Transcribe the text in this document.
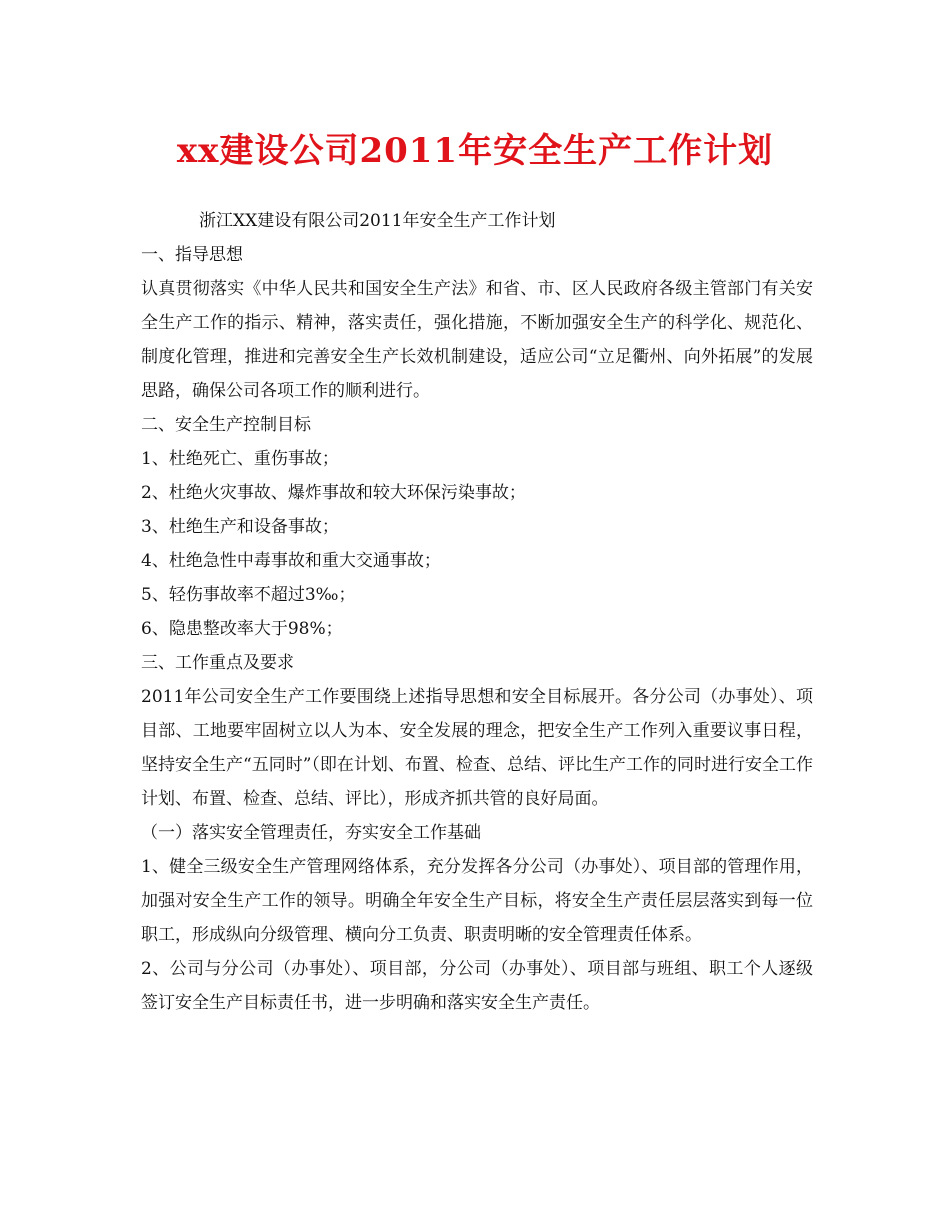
xx建设公司2011年安全生产工作计划

浙江XX建设有限公司2011年安全生产工作计划

一、指导思想

认真贯彻落实《中华人民共和国安全生产法》和省、市、区人民政府各级主管部门有关安全生产工作的指示、精神，落实责任，强化措施，不断加强安全生产的科学化、规范化、制度化管理，推进和完善安全生产长效机制建设，适应公司“立足衢州、向外拓展”的发展思路，确保公司各项工作的顺利进行。

二、安全生产控制目标

1、杜绝死亡、重伤事故；

2、杜绝火灾事故、爆炸事故和较大环保污染事故；

3、杜绝生产和设备事故；

4、杜绝急性中毒事故和重大交通事故；

5、轻伤事故率不超过3‰；

6、隐患整改率大于98%；

三、工作重点及要求

2011年公司安全生产工作要围绕上述指导思想和安全目标展开。各分公司（办事处）、项目部、工地要牢固树立以人为本、安全发展的理念，把安全生产工作列入重要议事日程，坚持安全生产“五同时”（即在计划、布置、检查、总结、评比生产工作的同时进行安全工作计划、布置、检查、总结、评比），形成齐抓共管的良好局面。

（一）落实安全管理责任，夯实安全工作基础

1、健全三级安全生产管理网络体系，充分发挥各分公司（办事处）、项目部的管理作用，加强对安全生产工作的领导。明确全年安全生产目标，将安全生产责任层层落实到每一位职工，形成纵向分级管理、横向分工负责、职责明晰的安全管理责任体系。

2、公司与分公司（办事处）、项目部，分公司（办事处）、项目部与班组、职工个人逐级签订安全生产目标责任书，进一步明确和落实安全生产责任。
